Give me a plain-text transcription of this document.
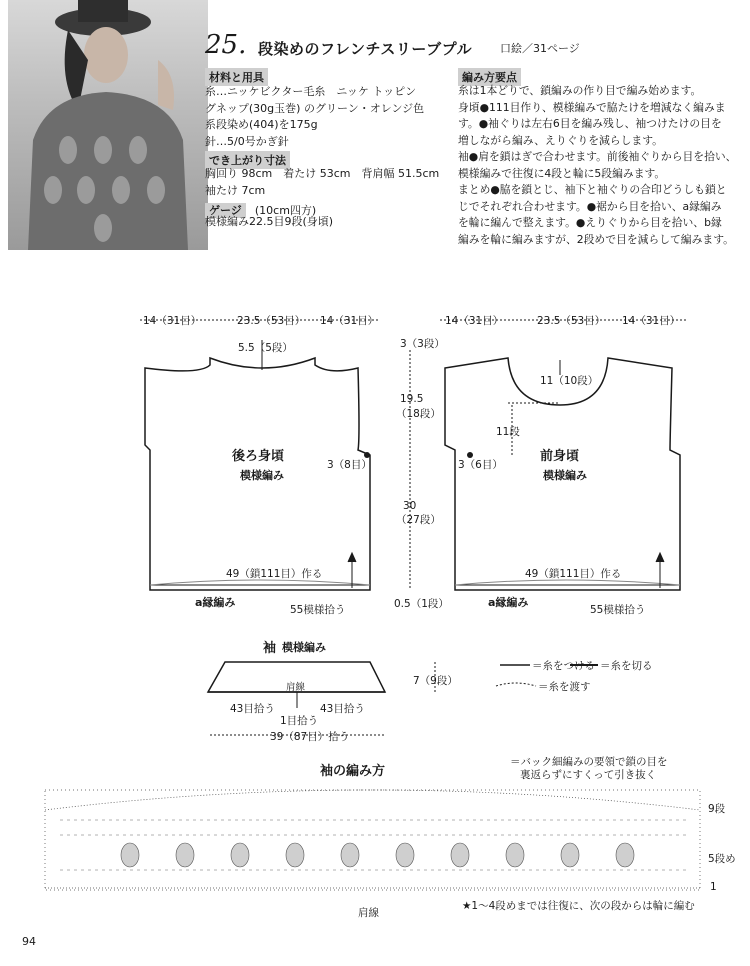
25. 段染めのフレンチスリーブプル	口絵／31ページ
材料と用具
糸…ニッケビクター毛糸　ニッケ トッピン
グネップ(30g玉巻) のグリーン・オレンジ色
系段染め(404)を175g
針…5/0号かぎ針
でき上がり寸法
胸回り 98cm　着たけ 53cm　背肩幅 51.5cm
袖たけ 7cm
ゲージ (10cm四方)
模様編み22.5目9段(身頃)
編み方要点
糸は1本どりで、鎖編みの作り目で編み始めます。
身頃●111目作り、模様編みで脇たけを増減なく編みま
す。●袖ぐりは左右6目を編み残し、袖つけたけの目を
増しながら編み、えりぐりを減らします。
袖●肩を鎖はぎで合わせます。前後袖ぐりから目を拾い、
模様編みで往復に4段と輪に5段編みます。
まとめ●脇を鎖とじ、袖下と袖ぐりの合印どうしも鎖と
じでそれぞれ合わせます。●裾から目を拾い、a縁編み
を輪に編んで整えます。●えりぐりから目を拾い、b縁
編みを輪に編みますが、2段めで目を減らして編みます。
14（31目）	23.5（53目） 14（31目）
5.5（5段）
後ろ身頃
模様編み
3（8目）
49（鎖111目）作る
a縁編み
55模様拾う
3（3段）
19.5
（18段）
30
（27段）
0.5（1段）
14（31目）	23.5（53目） 14（31目）
11（10段）
11段
前身頃
模様編み
3（6目）
49（鎖111目）作る
a縁編み
55模様拾う
袖 模様編み
肩線
7（9段）
43目拾う	43目拾う
1目拾う
39（87目）拾う
＝糸をつける ＝糸を切る
＝糸を渡す
袖の編み方
＝バック細編みの要領で鎖の目を
裏返らずにすくって引き抜く
9段
5段め
1
肩線
★1〜4段めまでは往復に、次の段からは輪に編む
94
